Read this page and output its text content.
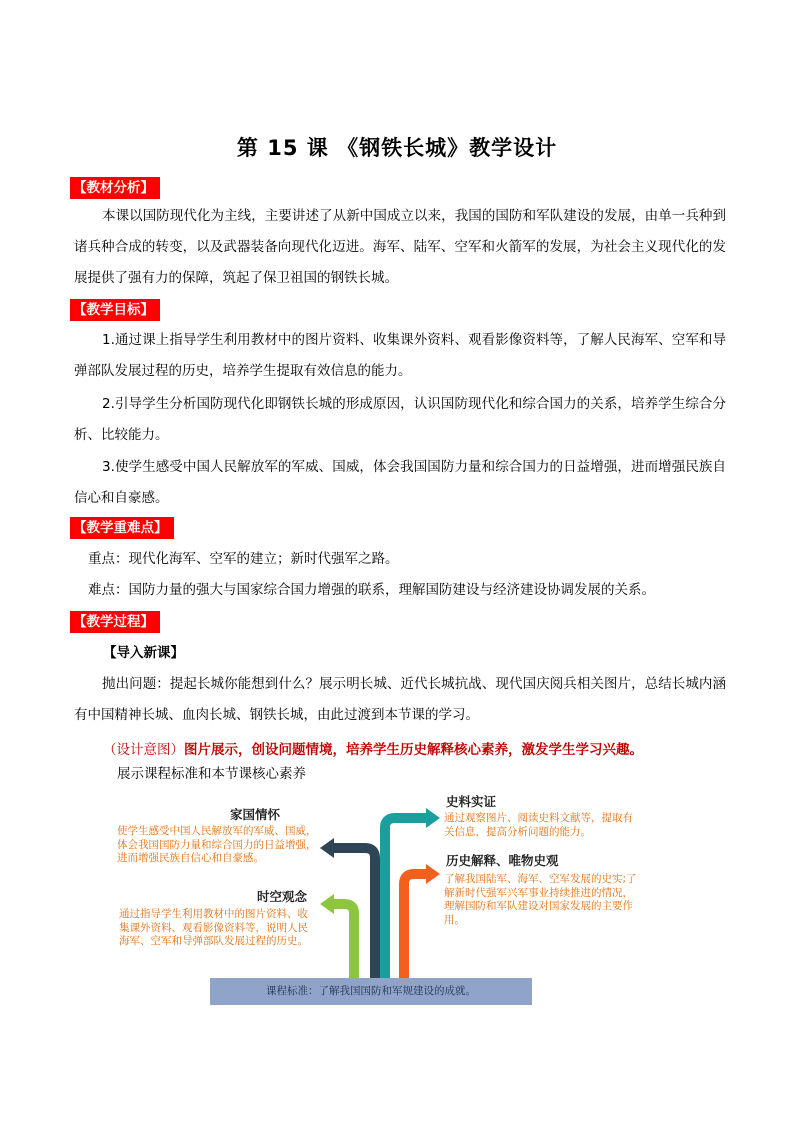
第 15 课 《钢铁长城》教学设计
【教材分析】
本课以国防现代化为主线，主要讲述了从新中国成立以来，我国的国防和军队建设的发展，由单一兵种到诸兵种合成的转变，以及武器装备向现代化迈进。海军、陆军、空军和火箭军的发展，为社会主义现代化的发展提供了强有力的保障，筑起了保卫祖国的钢铁长城。
【教学目标】
1.通过课上指导学生利用教材中的图片资料、收集课外资料、观看影像资料等，了解人民海军、空军和导弹部队发展过程的历史，培养学生提取有效信息的能力。
2.引导学生分析国防现代化即钢铁长城的形成原因，认识国防现代化和综合国力的关系，培养学生综合分析、比较能力。
3.使学生感受中国人民解放军的军威、国威，体会我国国防力量和综合国力的日益增强，进而增强民族自信心和自豪感。
【教学重难点】
重点：现代化海军、空军的建立；新时代强军之路。
难点：国防力量的强大与国家综合国力增强的联系，理解国防建设与经济建设协调发展的关系。
【教学过程】
【导入新课】
抛出问题：提起长城你能想到什么？展示明长城、近代长城抗战、现代国庆阅兵相关图片，总结长城内涵有中国精神长城、血肉长城、钢铁长城，由此过渡到本节课的学习。
（设计意图）图片展示，创设问题情境，培养学生历史解释核心素养，激发学生学习兴趣。
展示课程标准和本节课核心素养
家国情怀
使学生感受中国人民解放军的军威、国威，体会我国国防力量和综合国力的日益增强，进而增强民族自信心和自豪感。
时空观念
通过指导学生利用教材中的图片资料、收集课外资料、观看影像资料等，说明人民海军、空军和导弹部队发展过程的历史。
史料实证
通过观察图片、阅读史料文献等，提取有关信息，提高分析问题的能力。
历史解释、唯物史观
了解我国陆军、海军、空军发展的史实;了解新时代强军兴军事业持续推进的情况，理解国防和军队建设对国家发展的主要作用。
课程标准：了解我国国防和军规建设的成就。
